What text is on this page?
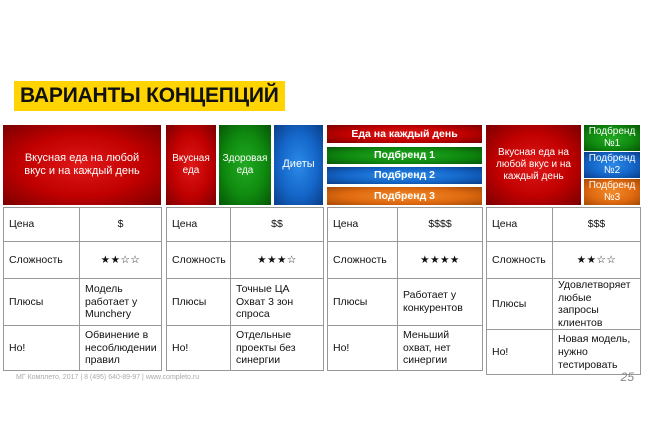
ВАРИАНТЫ КОНЦЕПЦИЙ
Вкусная еда на любой вкус и на каждый день
Вкусная еда
Здоровая еда
Диеты
Еда на каждый день
Подбренд 1
Подбренд 2
Подбренд 3
Вкусная еда на любой вкус и на каждый день
Подбренд №1
Подбренд №2
Подбренд №3
Цена	$
Сложность	★★☆☆
Плюсы	Модель работает у Munchery
Но!	Обвинение в несоблюдении правил
Цена	$$
Сложность	★★★☆
Плюсы	Точные ЦА Охват 3 зон спроса
Но!	Отдельные проекты без синергии
Цена	$$$$
Сложность	★★★★
Плюсы	Работает у конкурентов
Но!	Меньший охват, нет синергии
Цена	$$$
Сложность	★★☆☆
Плюсы	Удовлетворяет любые запросы клиентов
Но!	Новая модель, нужно тестировать
MГ Комплето, 2017 | 8 (495) 640-89-97 | www.completo.ru	25
